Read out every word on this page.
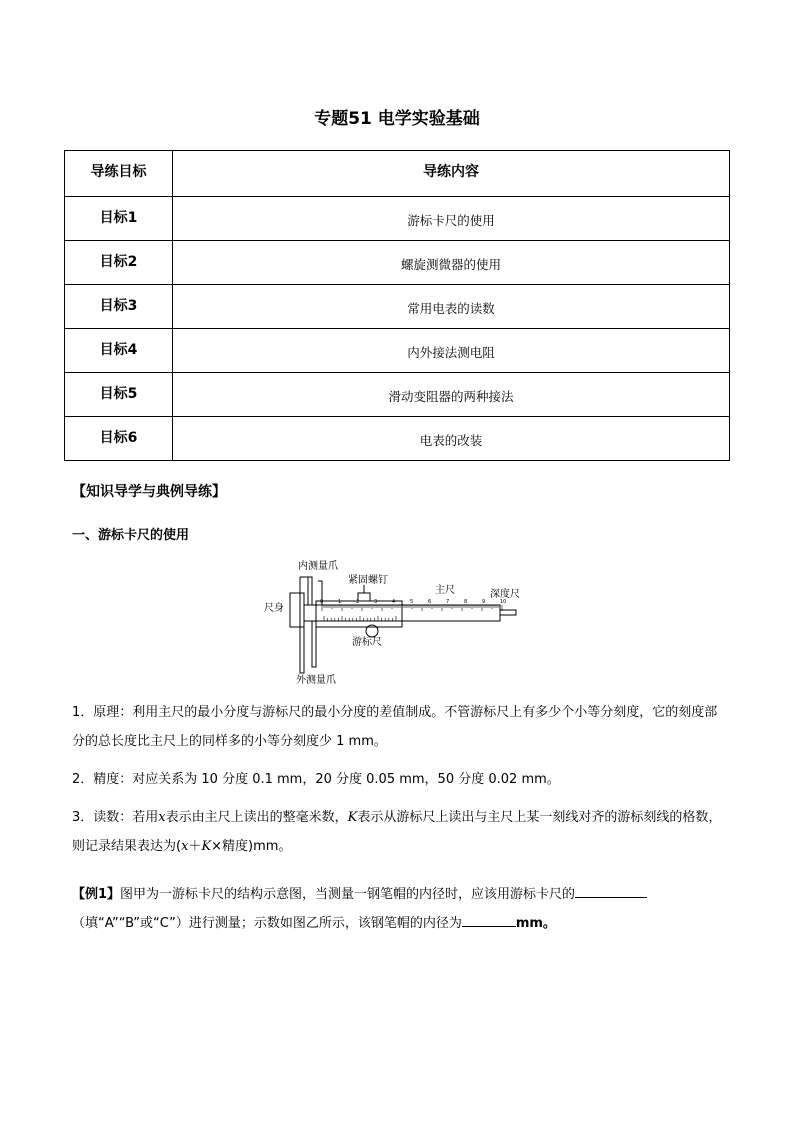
专题51 电学实验基础
导练目标	导练内容
目标1	游标卡尺的使用
目标2	螺旋测微器的使用
目标3	常用电表的读数
目标4	内外接法测电阻
目标5	滑动变阻器的两种接法
目标6	电表的改装
【知识导学与典例导练】
一、游标卡尺的使用
内测量爪
紧固螺钉
主尺	深度尺
尺身
游标尺
外测量爪
0	1	2	3	4	5	6	7	8	9	10
1．原理：利用主尺的最小分度与游标尺的最小分度的差值制成。不管游标尺上有多少个小等分刻度，它的刻度部分的总长度比主尺上的同样多的小等分刻度少 1 mm。
2．精度：对应关系为 10 分度 0.1 mm，20 分度 0.05 mm，50 分度 0.02 mm。
3．读数：若用x表示由主尺上读出的整毫米数，K表示从游标尺上读出与主尺上某一刻线对齐的游标刻线的格数，则记录结果表达为(x＋K×精度)mm。
【例1】图甲为一游标卡尺的结构示意图，当测量一钢笔帽的内径时，应该用游标卡尺的（填“A”“B”或“C”）进行测量；示数如图乙所示，该钢笔帽的内径为	mm。
